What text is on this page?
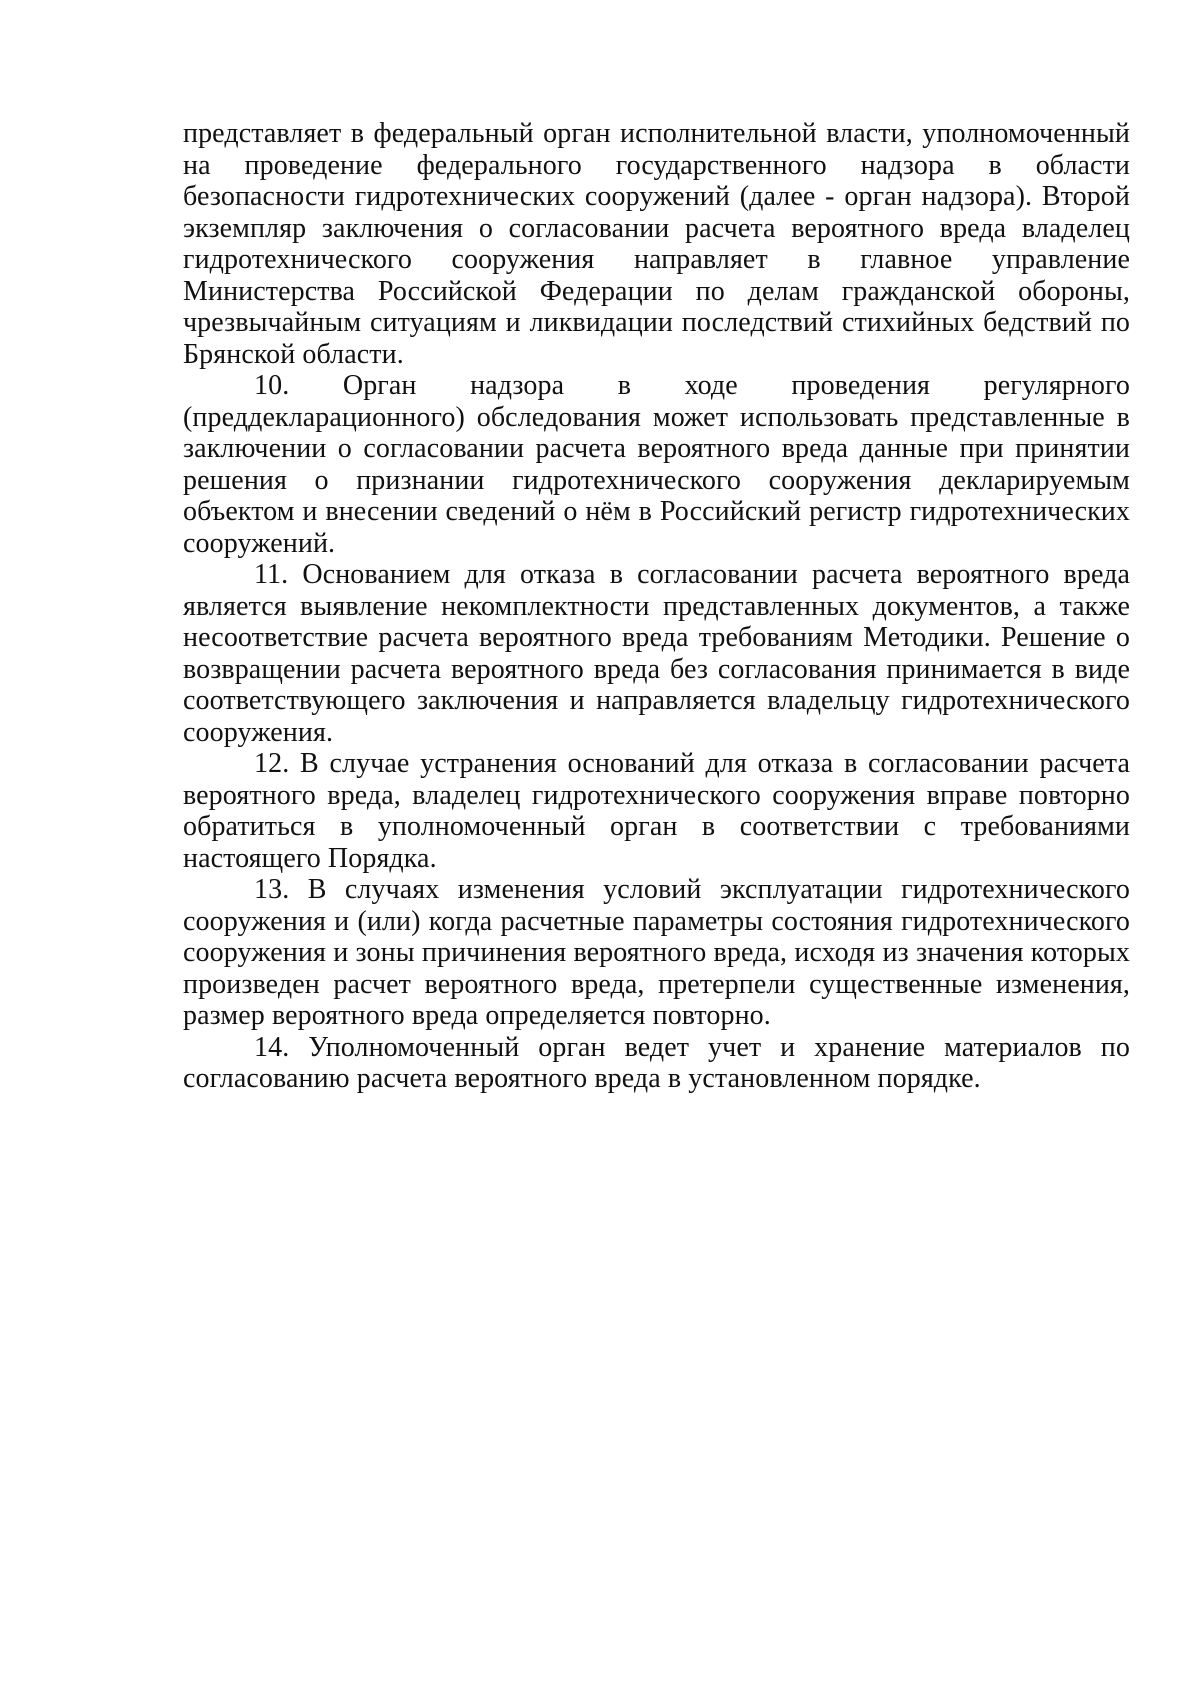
представляет в федеральный орган исполнительной власти, уполномоченный на проведение федерального государственного надзора в области безопасности гидротехнических сооружений (далее - орган надзора). Второй экземпляр заключения о согласовании расчета вероятного вреда владелец гидротехнического сооружения направляет в главное управление Министерства Российской Федерации по делам гражданской обороны, чрезвычайным ситуациям и ликвидации последствий стихийных бедствий по Брянской области.

10. Орган надзора в ходе проведения регулярного (преддекларационного) обследования может использовать представленные в заключении о согласовании расчета вероятного вреда данные при принятии решения о признании гидротехнического сооружения декларируемым объектом и внесении сведений о нём в Российский регистр гидротехнических сооружений.

11. Основанием для отказа в согласовании расчета вероятного вреда является выявление некомплектности представленных документов, а также несоответствие расчета вероятного вреда требованиям Методики. Решение о возвращении расчета вероятного вреда без согласования принимается в виде соответствующего заключения и направляется владельцу гидротехнического сооружения.

12. В случае устранения оснований для отказа в согласовании расчета вероятного вреда, владелец гидротехнического сооружения вправе повторно обратиться в уполномоченный орган в соответствии с требованиями настоящего Порядка.

13. В случаях изменения условий эксплуатации гидротехнического сооружения и (или) когда расчетные параметры состояния гидротехнического сооружения и зоны причинения вероятного вреда, исходя из значения которых произведен расчет вероятного вреда, претерпели существенные изменения, размер вероятного вреда определяется повторно.

14. Уполномоченный орган ведет учет и хранение материалов по согласованию расчета вероятного вреда в установленном порядке.
